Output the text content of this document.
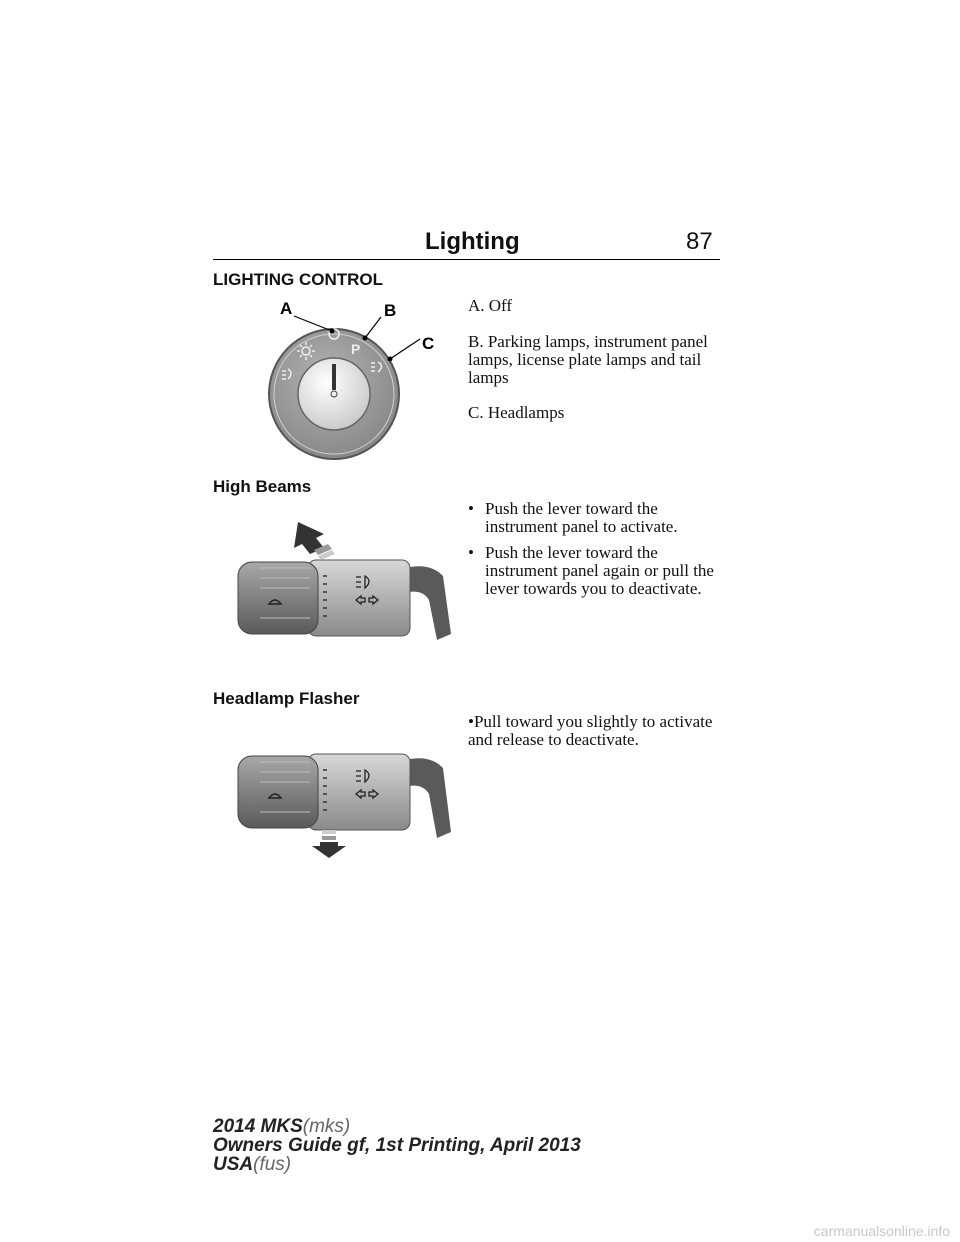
Lighting	87
LIGHTING CONTROL
P
A	B
C
A. Off
B. Parking lamps, instrument panel lamps, license plate lamps and tail lamps
C. Headlamps
High Beams
• Push the lever toward the instrument panel to activate.
• Push the lever toward the instrument panel again or pull the lever towards you to deactivate.
Headlamp Flasher
•Pull toward you slightly to activate and release to deactivate.
2014 MKS(mks)
Owners Guide gf, 1st Printing, April 2013
USA(fus)
carmanualsonline.info
